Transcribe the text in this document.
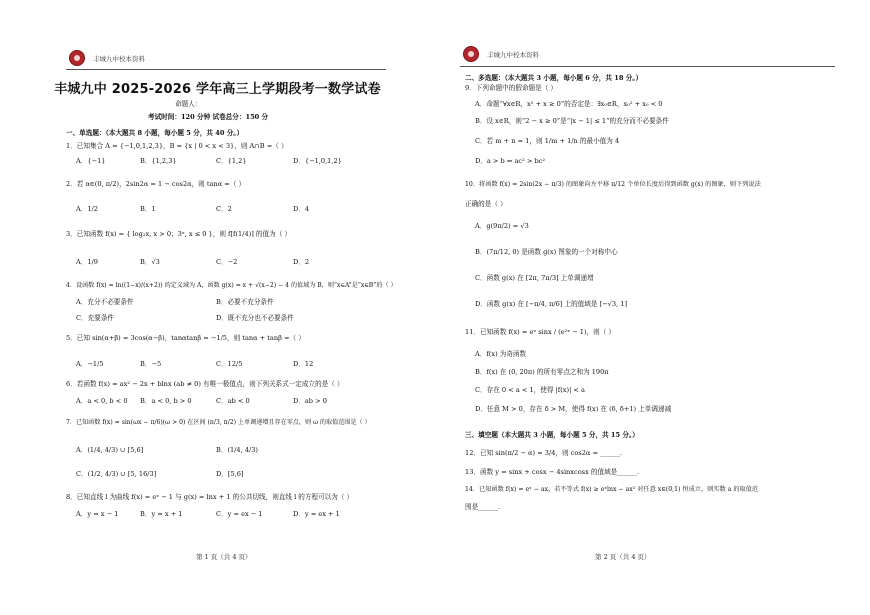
丰城九中校本资料
丰城九中 2025-2026 学年高三上学期段考一数学试卷
命题人：
考试时间：120 分钟 试卷总分：150 分
一、单选题：（本大题共 8 小题，每小题 5 分，共 40 分。）
1．已知集合 A = {−1,0,1,2,3}，B = {x | 0 < x < 3}，则 A∩B =（ ）
A．{−1}	B．{1,2,3}	C．{1,2}	D．{−1,0,1,2}
2．若 α∈(0, π/2)，2sin2α = 1 − cos2α，则 tanα =（ ）
A．1/2	B．1	C．2	D．4
3．已知函数 f(x) = { log₂x, x > 0；3ˣ, x ≤ 0 }，则 f[f(1/4)] 的值为（ ）
A．1/9	B．√3	C．−2	D．2
4．设函数 f(x) = ln((1−x)/(x+2)) 的定义域为 A，函数 g(x) = x + √(x−2) − 4 的值域为 B，则“x∈A”是“x∈B”的（ ）
A．充分不必要条件	B．必要不充分条件
C．充要条件	D．既不充分也不必要条件
5．已知 sin(α+β) = 3cos(α−β)，tanαtanβ = −1/5，则 tanα + tanβ =（ ）
A．−1/5	B．−5	C．12/5	D．12
6．若函数 f(x) = ax² − 2x + blnx (ab ≠ 0) 有唯一极值点，则下列关系式一定成立的是（ ）
A．a < 0, b < 0 B．a < 0, b > 0	C．ab < 0	D．ab > 0
7．已知函数 f(x) = sin(ωx − π/6)(ω > 0) 在区间 (π/3, π/2) 上单调递增且存在零点，则 ω 的取值范围是（ ）
A．(1/4, 4/3) ∪ [5,6]	B．(1/4, 4/3)
C．(1/2, 4/3) ∪ [5, 16/3]	D．[5,6]
8．已知直线 l 为曲线 f(x) = eˣ − 1 与 g(x) = lnx + 1 的公共切线，则直线 l 的方程可以为（ ）
A．y = x − 1	B．y = x + 1	C．y = ex − 1	D．y = ex + 1
第 1 页（共 4 页）
丰城九中校本资料
二、多选题：（本大题共 3 小题，每小题 6 分，共 18 分。）
9．下列命题中的假命题是（ ）
A．命题“∀x∈R，x² + x ≥ 0”的否定是：∃x₀∈R，x₀² + x₀ < 0
B．设 x∈R，则“2 − x ≥ 0”是“|x − 1| ≤ 1”的充分而不必要条件
C．若 m + n = 1，则 1/m + 1/n 的最小值为 4
D．a > b ⇔ ac² > bc²
10．将函数 f(x) = 2sin(2x − π/3) 的图象向左平移 π/12 个单位长度后得到函数 g(x) 的图象，则下列说法
正确的是（ ）
A．g(9π/2) = √3
B．(7π/12, 0) 是函数 g(x) 图象的一个对称中心
C．函数 g(x) 在 [2π, 7π/3] 上单调递增
D．函数 g(x) 在 [−π/4, π/6] 上的值域是 [−√3, 1]
11．已知函数 f(x) = eˣ sinx / (e²ˣ − 1)，则（ ）
A．f(x) 为奇函数
B．f(x) 在 (0, 20π) 的所有零点之和为 190π
C．存在 0 < a < 1，使得 |f(x)| < a
D．任意 M > 0，存在 δ > M，使得 f(x) 在 (δ, δ+1) 上单调递减
三、填空题（本大题共 3 小题，每小题 5 分，共 15 分。）
12．已知 sin(π/2 − α) = 3/4，则 cos2α = ______.
13．函数 y = sinx + cosx − 4sinxcosx 的值域是______.
14．已知函数 f(x) = eˣ − ax，若不等式 f(x) ≥ eˣlnx − ax² 对任意 x∈(0,1) 恒成立，则实数 a 的取值范
围是______.
第 2 页（共 4 页）
